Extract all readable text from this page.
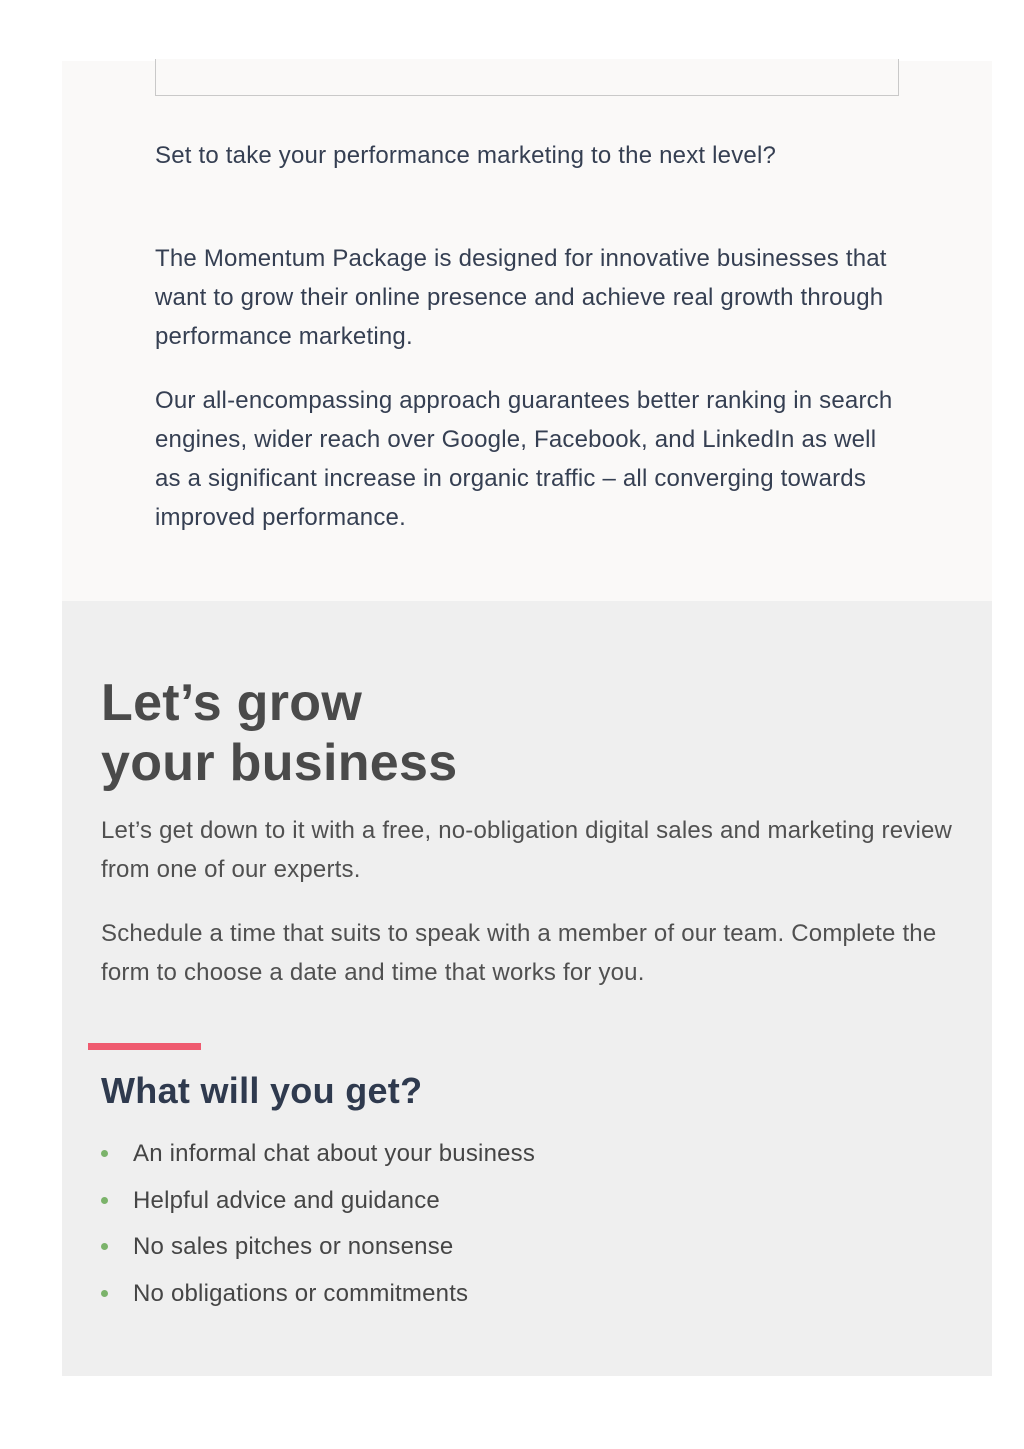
Set to take your performance marketing to the next level?

The Momentum Package is designed for innovative businesses that want to grow their online presence and achieve real growth through performance marketing.

Our all-encompassing approach guarantees better ranking in search engines, wider reach over Google, Facebook, and LinkedIn as well as a significant increase in organic traffic – all converging towards improved performance.

Let’s grow
your business

Let’s get down to it with a free, no-obligation digital sales and marketing review from one of our experts.

Schedule a time that suits to speak with a member of our team. Complete the form to choose a date and time that works for you.

What will you get?
An informal chat about your business
Helpful advice and guidance
No sales pitches or nonsense
No obligations or commitments
